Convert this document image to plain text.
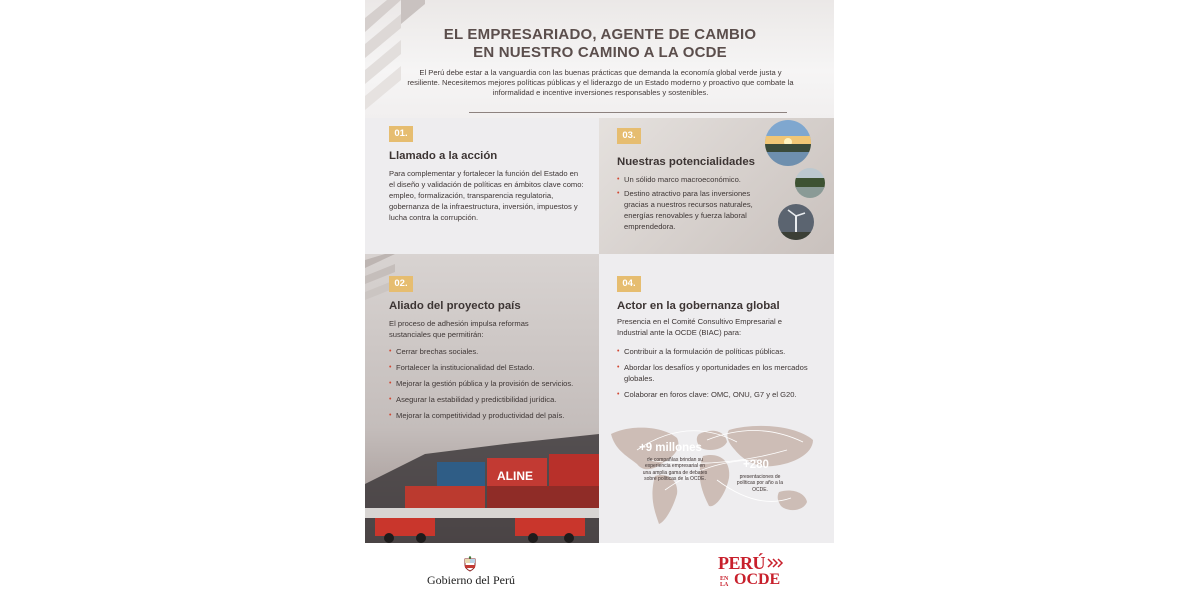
EL EMPRESARIADO, AGENTE DE CAMBIO
EN NUESTRO CAMINO A LA OCDE
El Perú debe estar a la vanguardia con las buenas prácticas que demanda la economía global verde justa y resiliente. Necesitemos mejores políticas públicas y el liderazgo de un Estado moderno y proactivo que combate la informalidad e incentive inversiones responsables y sostenibles.
01.
Llamado a la acción
Para complementar y fortalecer la función del Estado en el diseño y validación de políticas en ámbitos clave como: empleo, formalización, transparencia regulatoria, gobernanza de la infraestructura, inversión, impuestos y lucha contra la corrupción.
03.
Nuestras potencialidades
• Un sólido marco macroeconómico.
• Destino atractivo para las inversiones gracias a nuestros recursos naturales, energías renovables y fuerza laboral emprendedora.
02.
Aliado del proyecto país
El proceso de adhesión impulsa reformas sustanciales que permitirán:
• Cerrar brechas sociales.
• Fortalecer la institucionalidad del Estado.
• Mejorar la gestión pública y la provisión de servicios.
• Asegurar la estabilidad y predictibilidad jurídica.
• Mejorar la competitividad y productividad del país.
ALINE
04.
Actor en la gobernanza global
Presencia en el Comité Consultivo Empresarial e Industrial ante la OCDE (BIAC) para:
• Contribuir a la formulación de políticas públicas.
• Abordar los desafíos y oportunidades en los mercados globales.
• Colaborar en foros clave: OMC, ONU, G7 y el G20.
+9 millones
de compañías brindan su experiencia empresarial en una amplia gama de debates sobre políticas de la OCDE.
+280
presentaciones de políticas por año a la OCDE.
Gobierno del Perú
PERÚ
EN
LA OCDE
